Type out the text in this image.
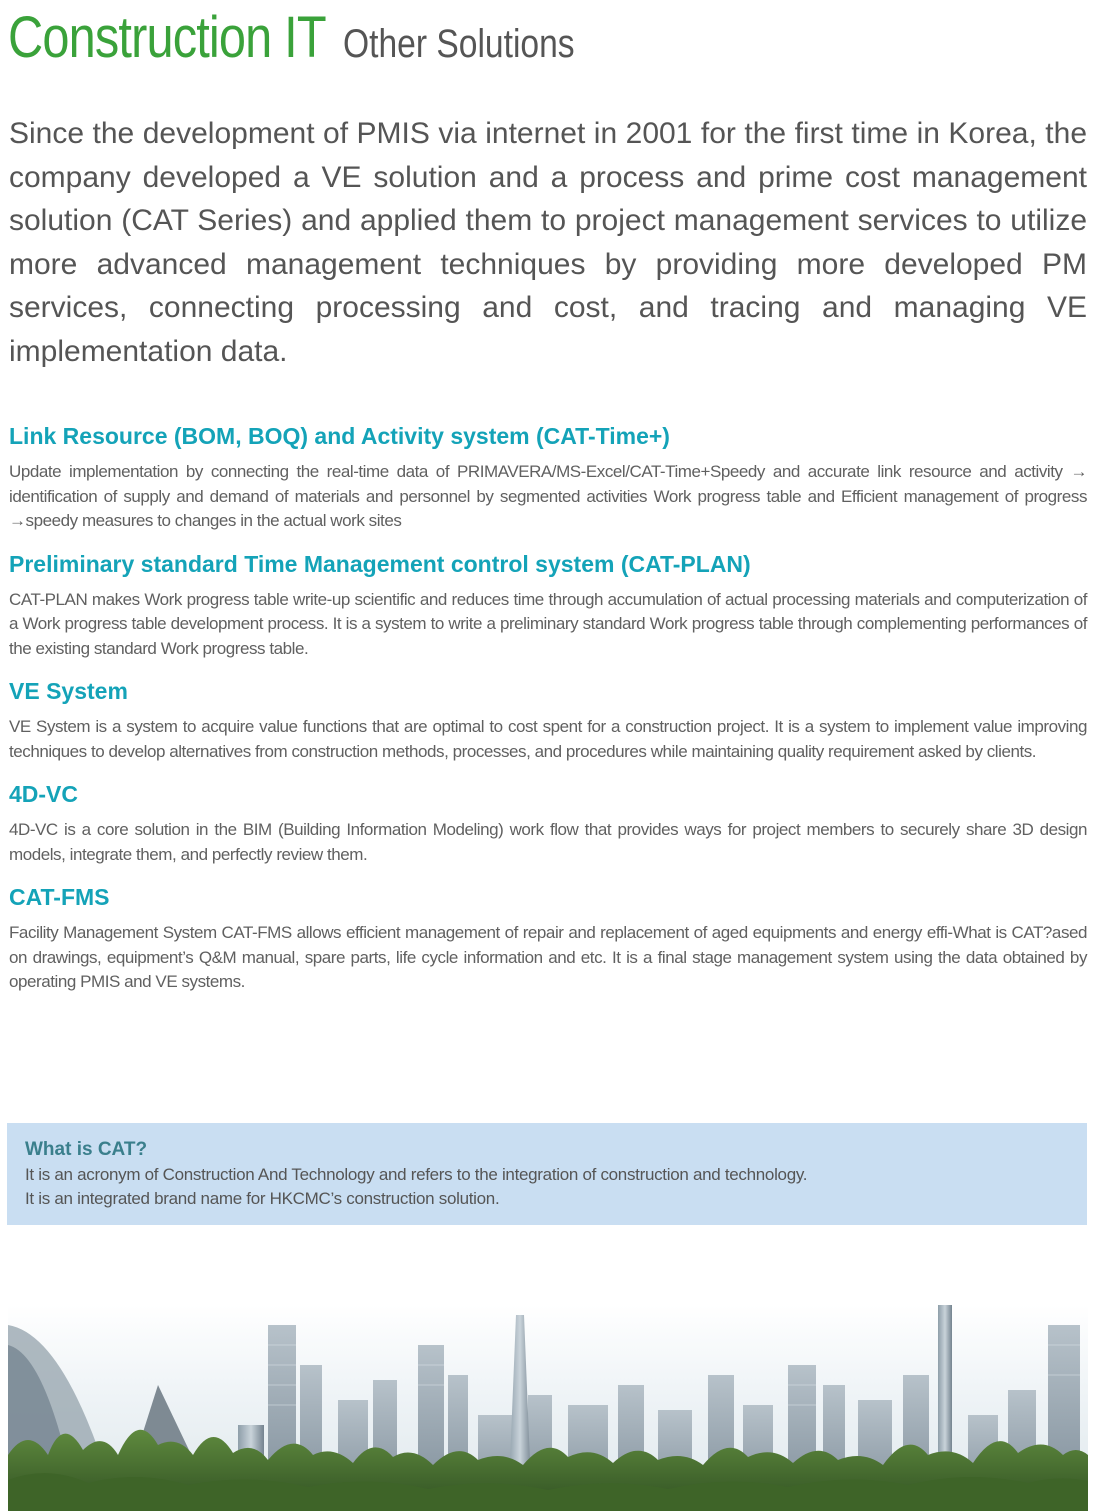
Construction IT Other Solutions

Since the development of PMIS via internet in 2001 for the first time in Korea, the company developed a VE solution and a process and prime cost management solution (CAT Series) and applied them to project management services to utilize more advanced management techniques by providing more developed PM services, connecting processing and cost, and tracing and managing VE implementation data.

Link Resource (BOM, BOQ) and Activity system (CAT-Time+)

Update implementation by connecting the real-time data of PRIMAVERA/MS-Excel/CAT-Time+Speedy and accurate link resource and activity → identification of supply and demand of materials and personnel by segmented activities Work progress table and Efficient management of progress →speedy measures to changes in the actual work sites

Preliminary standard Time Management control system (CAT-PLAN)

CAT-PLAN makes Work progress table write-up scientific and reduces time through accumulation of actual processing materials and computerization of a Work progress table development process. It is a system to write a preliminary standard Work progress table through complementing performances of the existing standard Work progress table.

VE System

VE System is a system to acquire value functions that are optimal to cost spent for a construction project. It is a system to implement value improving techniques to develop alternatives from construction methods, processes, and procedures while maintaining quality requirement asked by clients.

4D-VC

4D-VC is a core solution in the BIM (Building Information Modeling) work flow that provides ways for project members to securely share 3D design models, integrate them, and perfectly review them.

CAT-FMS

Facility Management System CAT-FMS allows efficient management of repair and replacement of aged equipments and energy effi-What is CAT?ased on drawings, equipment’s Q&M manual, spare parts, life cycle information and etc. It is a final stage management system using the data obtained by operating PMIS and VE systems.

What is CAT?

It is an acronym of Construction And Technology and refers to the integration of construction and technology.

It is an integrated brand name for HKCMC’s construction solution.
